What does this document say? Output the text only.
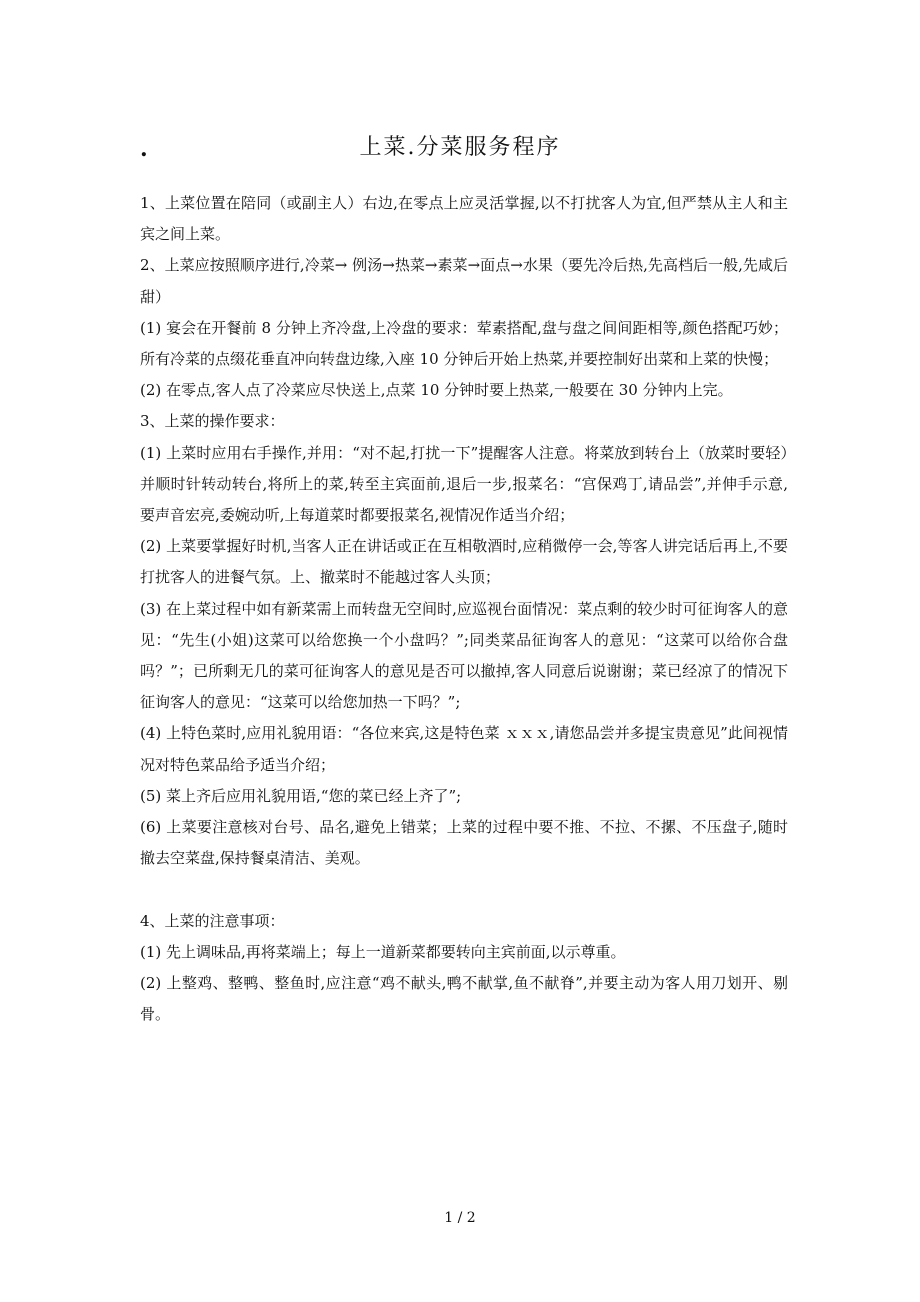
.	上菜.分菜服务程序

1、上菜位置在陪同（或副主人）右边,在零点上应灵活掌握,以不打扰客人为宜,但严禁从主人和主宾之间上菜。

2、上菜应按照顺序进行,冷菜→ 例汤→热菜→素菜→面点→水果（要先冷后热,先高档后一般,先咸后甜）

(1) 宴会在开餐前 8 分钟上齐冷盘,上冷盘的要求：荤素搭配,盘与盘之间间距相等,颜色搭配巧妙；所有冷菜的点缀花垂直冲向转盘边缘,入座 10 分钟后开始上热菜,并要控制好出菜和上菜的快慢；

(2) 在零点,客人点了冷菜应尽快送上,点菜 10 分钟时要上热菜,一般要在 30 分钟内上完。

3、上菜的操作要求：

(1) 上菜时应用右手操作,并用：“对不起,打扰一下”提醒客人注意。将菜放到转台上（放菜时要轻）并顺时针转动转台,将所上的菜,转至主宾面前,退后一步,报菜名：“宫保鸡丁,请品尝”,并伸手示意,要声音宏亮,委婉动听,上每道菜时都要报菜名,视情况作适当介绍；

(2) 上菜要掌握好时机,当客人正在讲话或正在互相敬酒时,应稍微停一会,等客人讲完话后再上,不要打扰客人的进餐气氛。上、撤菜时不能越过客人头顶；

(3) 在上菜过程中如有新菜需上而转盘无空间时,应巡视台面情况：菜点剩的较少时可征询客人的意见：“先生(小姐)这菜可以给您换一个小盘吗？”;同类菜品征询客人的意见：“这菜可以给你合盘吗？”；已所剩无几的菜可征询客人的意见是否可以撤掉,客人同意后说谢谢；菜已经凉了的情况下征询客人的意见：“这菜可以给您加热一下吗？”;

(4) 上特色菜时,应用礼貌用语：“各位来宾,这是特色菜 ｘｘｘ,请您品尝并多提宝贵意见”此间视情况对特色菜品给予适当介绍；

(5) 菜上齐后应用礼貌用语,“您的菜已经上齐了”;

(6) 上菜要注意核对台号、品名,避免上错菜；上菜的过程中要不推、不拉、不摞、不压盘子,随时撤去空菜盘,保持餐桌清洁、美观。

4、上菜的注意事项：

(1) 先上调味品,再将菜端上；每上一道新菜都要转向主宾前面,以示尊重。

(2) 上整鸡、整鸭、整鱼时,应注意“鸡不献头,鸭不献掌,鱼不献脊”,并要主动为客人用刀划开、剔骨。

1 / 2
